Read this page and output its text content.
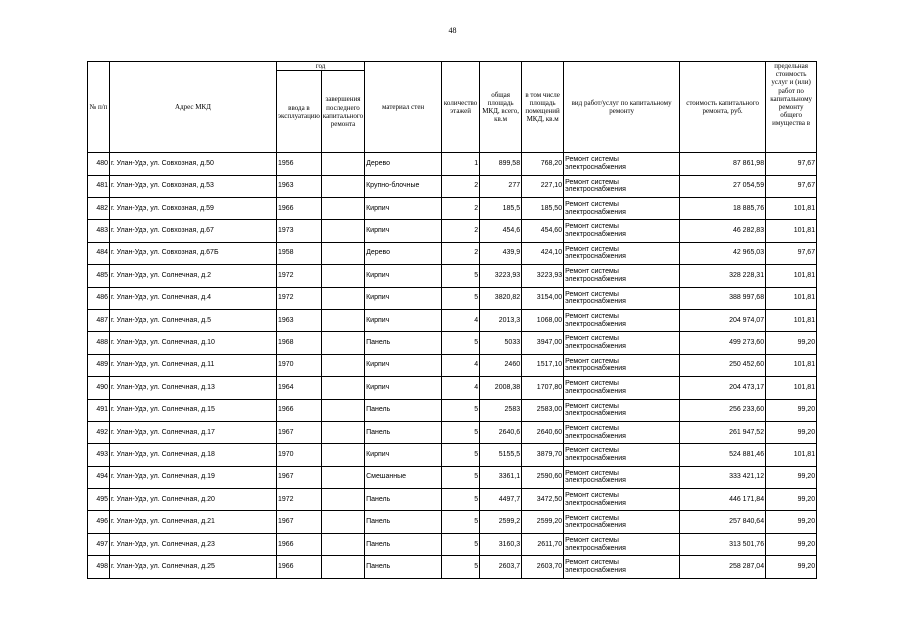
48
№ п/п	Адрес МКД	год		материал стен	количество этажей	общая площадь МКД, всего, кв.м	в том числе площадь помещений МКД, кв.м	вид работ/услуг по капитальному ремонту	стоимость капитального ремонта, руб.	предельная стоимость услуг и (или) работ по капитальному ремонту общего имущества в
		ввода в эксплуатацию	завершения последнего капитального ремонта							
480	г. Улан-Удэ, ул. Совхозная, д.50	1956		Дерево	1	899,58	768,20	Ремонт системы электроснабжения	87 861,98	97,67
481	г. Улан-Удэ, ул. Совхозная, д.53	1963		Крупно-блочные	2	277	227,10	Ремонт системы электроснабжения	27 054,59	97,67
482	г. Улан-Удэ, ул. Совхозная, д.59	1966		Кирпич	2	185,5	185,50	Ремонт системы электроснабжения	18 885,76	101,81
483	г. Улан-Удэ, ул. Совхозная, д.67	1973		Кирпич	2	454,6	454,60	Ремонт системы электроснабжения	46 282,83	101,81
484	г. Улан-Удэ, ул. Совхозная, д.67Б	1958		Дерево	2	439,9	424,10	Ремонт системы электроснабжения	42 965,03	97,67
485	г. Улан-Удэ, ул. Солнечная, д.2	1972		Кирпич	5	3223,93	3223,93	Ремонт системы электроснабжения	328 228,31	101,81
486	г. Улан-Удэ, ул. Солнечная, д.4	1972		Кирпич	5	3820,82	3154,00	Ремонт системы электроснабжения	388 997,68	101,81
487	г. Улан-Удэ, ул. Солнечная, д.5	1963		Кирпич	4	2013,3	1068,00	Ремонт системы электроснабжения	204 974,07	101,81
488	г. Улан-Удэ, ул. Солнечная, д.10	1968		Панель	5	5033	3947,00	Ремонт системы электроснабжения	499 273,60	99,20
489	г. Улан-Удэ, ул. Солнечная, д.11	1970		Кирпич	4	2460	1517,10	Ремонт системы электроснабжения	250 452,60	101,81
490	г. Улан-Удэ, ул. Солнечная, д.13	1964		Кирпич	4	2008,38	1707,80	Ремонт системы электроснабжения	204 473,17	101,81
491	г. Улан-Удэ, ул. Солнечная, д.15	1966		Панель	5	2583	2583,00	Ремонт системы электроснабжения	256 233,60	99,20
492	г. Улан-Удэ, ул. Солнечная, д.17	1967		Панель	5	2640,6	2640,60	Ремонт системы электроснабжения	261 947,52	99,20
493	г. Улан-Удэ, ул. Солнечная, д.18	1970		Кирпич	5	5155,5	3879,70	Ремонт системы электроснабжения	524 881,46	101,81
494	г. Улан-Удэ, ул. Солнечная, д.19	1967		Смешанные	5	3361,1	2590,60	Ремонт системы электроснабжения	333 421,12	99,20
495	г. Улан-Удэ, ул. Солнечная, д.20	1972		Панель	5	4497,7	3472,50	Ремонт системы электроснабжения	446 171,84	99,20
496	г. Улан-Удэ, ул. Солнечная, д.21	1967		Панель	5	2599,2	2599,20	Ремонт системы электроснабжения	257 840,64	99,20
497	г. Улан-Удэ, ул. Солнечная, д.23	1966		Панель	5	3160,3	2611,70	Ремонт системы электроснабжения	313 501,76	99,20
498	г. Улан-Удэ, ул. Солнечная, д.25	1966		Панель	5	2603,7	2603,70	Ремонт системы электроснабжения	258 287,04	99,20
